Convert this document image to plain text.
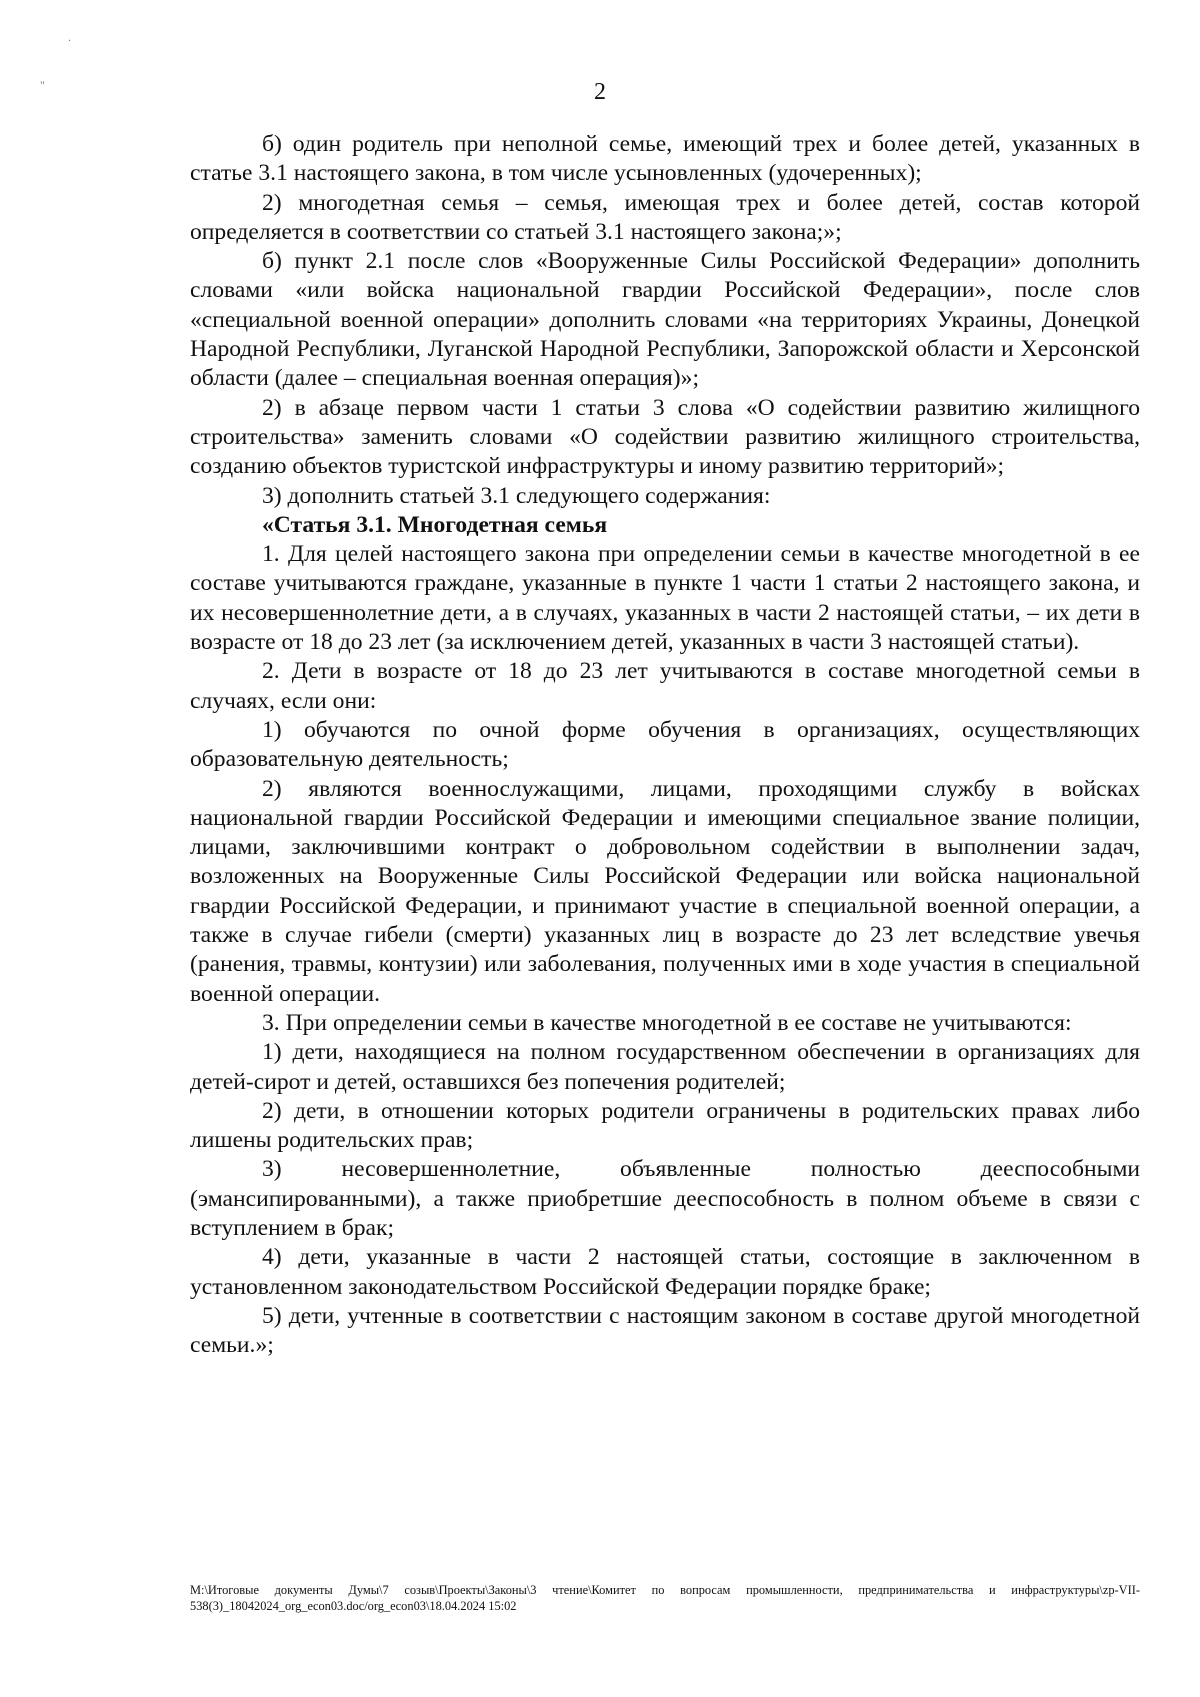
.
"	2

б) один родитель при неполной семье, имеющий трех и более детей, указанных в статье 3.1 настоящего закона, в том числе усыновленных (удочеренных);

2) многодетная семья – семья, имеющая трех и более детей, состав которой определяется в соответствии со статьей 3.1 настоящего закона;»;

б) пункт 2.1 после слов «Вооруженные Силы Российской Федерации» дополнить словами «или войска национальной гвардии Российской Федерации», после слов «специальной военной операции» дополнить словами «на территориях Украины, Донецкой Народной Республики, Луганской Народной Республики, Запорожской области и Херсонской области (далее – специальная военная операция)»;

2) в абзаце первом части 1 статьи 3 слова «О содействии развитию жилищного строительства» заменить словами «О содействии развитию жилищного строительства, созданию объектов туристской инфраструктуры и иному развитию территорий»;

3) дополнить статьей 3.1 следующего содержания:

«Статья 3.1. Многодетная семья

1. Для целей настоящего закона при определении семьи в качестве многодетной в ее составе учитываются граждане, указанные в пункте 1 части 1 статьи 2 настоящего закона, и их несовершеннолетние дети, а в случаях, указанных в части 2 настоящей статьи, – их дети в возрасте от 18 до 23 лет (за исключением детей, указанных в части 3 настоящей статьи).

2. Дети в возрасте от 18 до 23 лет учитываются в составе многодетной семьи в случаях, если они:

1) обучаются по очной форме обучения в организациях, осуществляющих образовательную деятельность;

2) являются военнослужащими, лицами, проходящими службу в войсках национальной гвардии Российской Федерации и имеющими специальное звание полиции, лицами, заключившими контракт о добровольном содействии в выполнении задач, возложенных на Вооруженные Силы Российской Федерации или войска национальной гвардии Российской Федерации, и принимают участие в специальной военной операции, а также в случае гибели (смерти) указанных лиц в возрасте до 23 лет вследствие увечья (ранения, травмы, контузии) или заболевания, полученных ими в ходе участия в специальной военной операции.

3. При определении семьи в качестве многодетной в ее составе не учитываются:

1) дети, находящиеся на полном государственном обеспечении в организациях для детей-сирот и детей, оставшихся без попечения родителей;

2) дети, в отношении которых родители ограничены в родительских правах либо лишены родительских прав;

3) несовершеннолетние, объявленные полностью дееспособными (эмансипированными), а также приобретшие дееспособность в полном объеме в связи с вступлением в брак;

4) дети, указанные в части 2 настоящей статьи, состоящие в заключенном в установленном законодательством Российской Федерации порядке браке;

5) дети, учтенные в соответствии с настоящим законом в составе другой многодетной семьи.»;

M:\Итоговые документы Думы\7 созыв\Проекты\Законы\3 чтение\Комитет по вопросам промышленности, предпринимательства и инфраструктуры\zp-VII-538(3)_18042024_org_econ03.doc/org_econ03\18.04.2024 15:02
